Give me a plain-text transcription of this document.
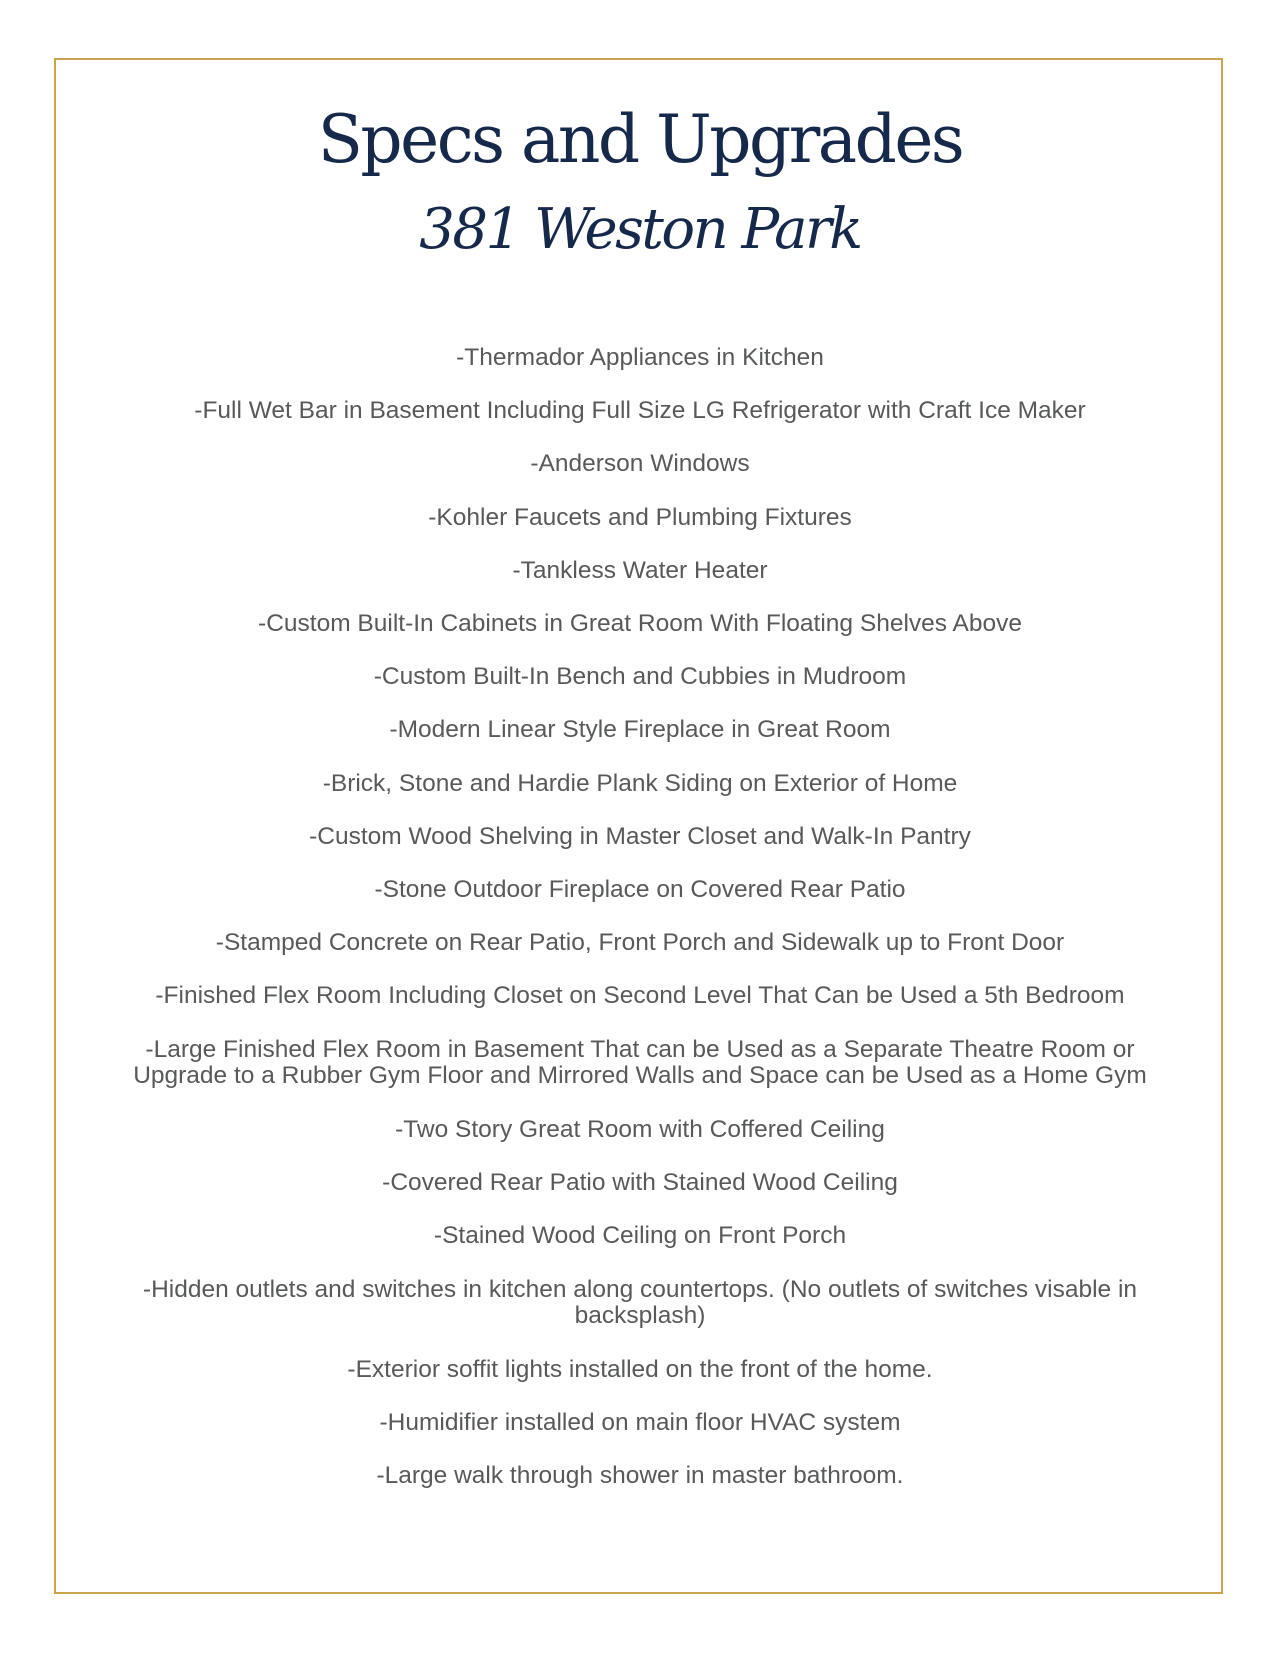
Specs and Upgrades
381 Weston Park
-Thermador Appliances in Kitchen
-Full Wet Bar in Basement Including Full Size LG Refrigerator with Craft Ice Maker
-Anderson Windows
-Kohler Faucets and Plumbing Fixtures
-Tankless Water Heater
-Custom Built-In Cabinets in Great Room With Floating Shelves Above
-Custom Built-In Bench and Cubbies in Mudroom
-Modern Linear Style Fireplace in Great Room
-Brick, Stone and Hardie Plank Siding on Exterior of Home
-Custom Wood Shelving in Master Closet and Walk-In Pantry
-Stone Outdoor Fireplace on Covered Rear Patio
-Stamped Concrete on Rear Patio, Front Porch and Sidewalk up to Front Door
-Finished Flex Room Including Closet on Second Level That Can be Used a 5th Bedroom
-Large Finished Flex Room in Basement That can be Used as a Separate Theatre Room or Upgrade to a Rubber Gym Floor and Mirrored Walls and Space can be Used as a Home Gym
-Two Story Great Room with Coffered Ceiling
-Covered Rear Patio with Stained Wood Ceiling
-Stained Wood Ceiling on Front Porch
-Hidden outlets and switches in kitchen along countertops. (No outlets of switches visable in backsplash)
-Exterior soffit lights installed on the front of the home.
-Humidifier installed on main floor HVAC system
-Large walk through shower in master bathroom.
